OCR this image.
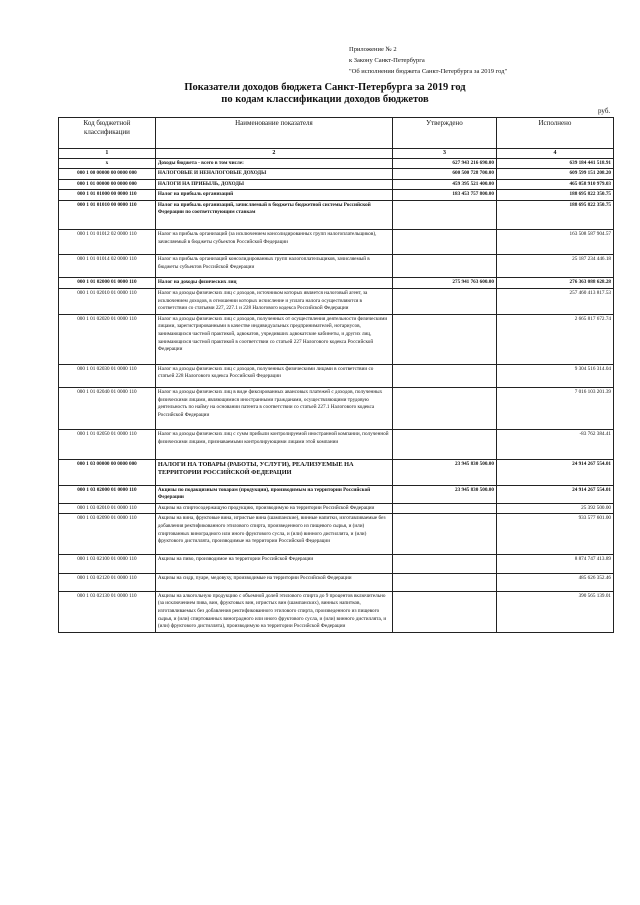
Приложение № 2
к Закону Санкт-Петербурга
"Об исполнении бюджета Санкт-Петербурга за 2019 год"
Показатели доходов бюджета Санкт-Петербурга за 2019 год
по кодам классификации доходов бюджетов
руб.
Код бюджетной классификации	Наименование показателя	Утверждено	Исполнено
1	2	3	4
x	Доходы бюджета - всего в том числе:	627 943 216 690.00	639 184 441 518.91
000 1 00 00000 00 0000 000	НАЛОГОВЫЕ И НЕНАЛОГОВЫЕ ДОХОДЫ	600 500 728 700.00	609 599 151 208.20
000 1 01 00000 00 0000 000	НАЛОГИ НА ПРИБЫЛЬ, ДОХОДЫ	459 395 521 400.00	465 058 910 979.03
000 1 01 01000 00 0000 110	Налог на прибыль организаций	183 453 757 800.00	188 695 822 350.75
000 1 01 01010 00 0000 110	Налог на прибыль организаций, зачисляемый в бюджеты бюджетной системы Российской Федерации по соответствующим ставкам		188 695 822 350.75
000 1 01 01012 02 0000 110	Налог на прибыль организаций (за исключением консолидированных групп налогоплательщиков), зачисляемый в бюджеты субъектов Российской Федерации		163 508 587 904.57
000 1 01 01014 02 0000 110	Налог на прибыль организаций консолидированных групп налогоплательщиков, зачисляемый в бюджеты субъектов Российской Федерации		25 187 234 446.18
000 1 01 02000 01 0000 110	Налог на доходы физических лиц	275 941 763 600.00	276 363 088 628.28
000 1 01 02010 01 0000 110	Налог на доходы физических лиц с доходов, источником которых является налоговый агент, за исключением доходов, в отношении которых исчисление и уплата налога осуществляются в соответствии со статьями 227, 227.1 и 228 Налогового кодекса Российской Федерации		257 460 413 817.53
000 1 01 02020 01 0000 110	Налог на доходы физических лиц с доходов, полученных от осуществления деятельности физическими лицами, зарегистрированными в качестве индивидуальных предпринимателей, нотариусов, занимающихся частной практикой, адвокатов, учредивших адвокатские кабинеты, и других лиц, занимающихся частной практикой в соответствии со статьей 227 Налогового кодекса Российской Федерации		2 665 817 672.74
000 1 01 02030 01 0000 110	Налог на доходы физических лиц с доходов, полученных физическими лицами в соответствии со статьей 228 Налогового кодекса Российской Федерации		9 304 516 314.04
000 1 01 02040 01 0000 110	Налог на доходы физических лиц в виде фиксированных авансовых платежей с доходов, полученных физическими лицами, являющимися иностранными гражданами, осуществляющими трудовую деятельность по найму на основании патента в соответствии со статьей 227.1 Налогового кодекса Российской Федерации		7 016 103 201.39
000 1 01 02050 01 0000 110	Налог на доходы физических лиц с сумм прибыли контролируемой иностранной компании, полученной физическими лицами, признаваемыми контролирующими лицами этой компании		-83 762 384.41
000 1 03 00000 00 0000 000	НАЛОГИ НА ТОВАРЫ (РАБОТЫ, УСЛУГИ), РЕАЛИЗУЕМЫЕ НА ТЕРРИТОРИИ РОССИЙСКОЙ ФЕДЕРАЦИИ	23 945 830 500.00	24 914 267 554.01
000 1 03 02000 01 0000 110	Акцизы по подакцизным товарам (продукции), производимым на территории Российской Федерации	23 945 830 500.00	24 914 267 554.01
000 1 03 02010 01 0000 110	Акцизы на спиртосодержащую продукцию, производимую на территории Российской Федерации		25 392 500.00
000 1 03 02090 01 0000 110	Акцизы на вина, фруктовые вина, игристые вина (шампанские), винные напитки, изготавливаемые без добавления ректификованного этилового спирта, произведенного из пищевого сырья, и (или) спиртованных виноградного или иного фруктового сусла, и (или) винного дистиллята, и (или) фруктового дистиллята, производимые на территории Российской Федерации		933 577 601.00
000 1 03 02100 01 0000 110	Акцизы на пиво, производимое на территории Российской Федерации		8 874 747 413.89
000 1 03 02120 01 0000 110	Акцизы на сидр, пуаре, медовуху, производимые на территории Российской Федерации		485 626 352.46
000 1 03 02130 01 0000 110	Акцизы на алкогольную продукцию с объемной долей этилового спирта до 9 процентов включительно (за исключением пива, вин, фруктовых вин, игристых вин (шампанских), винных напитков, изготавливаемых без добавления ректификованного этилового спирта, произведенного из пищевого сырья, и (или) спиртованных виноградного или иного фруктового сусла, и (или) винного дистиллята, и (или) фруктового дистиллята), производимую на территории Российской Федерации		390 565 139.01
